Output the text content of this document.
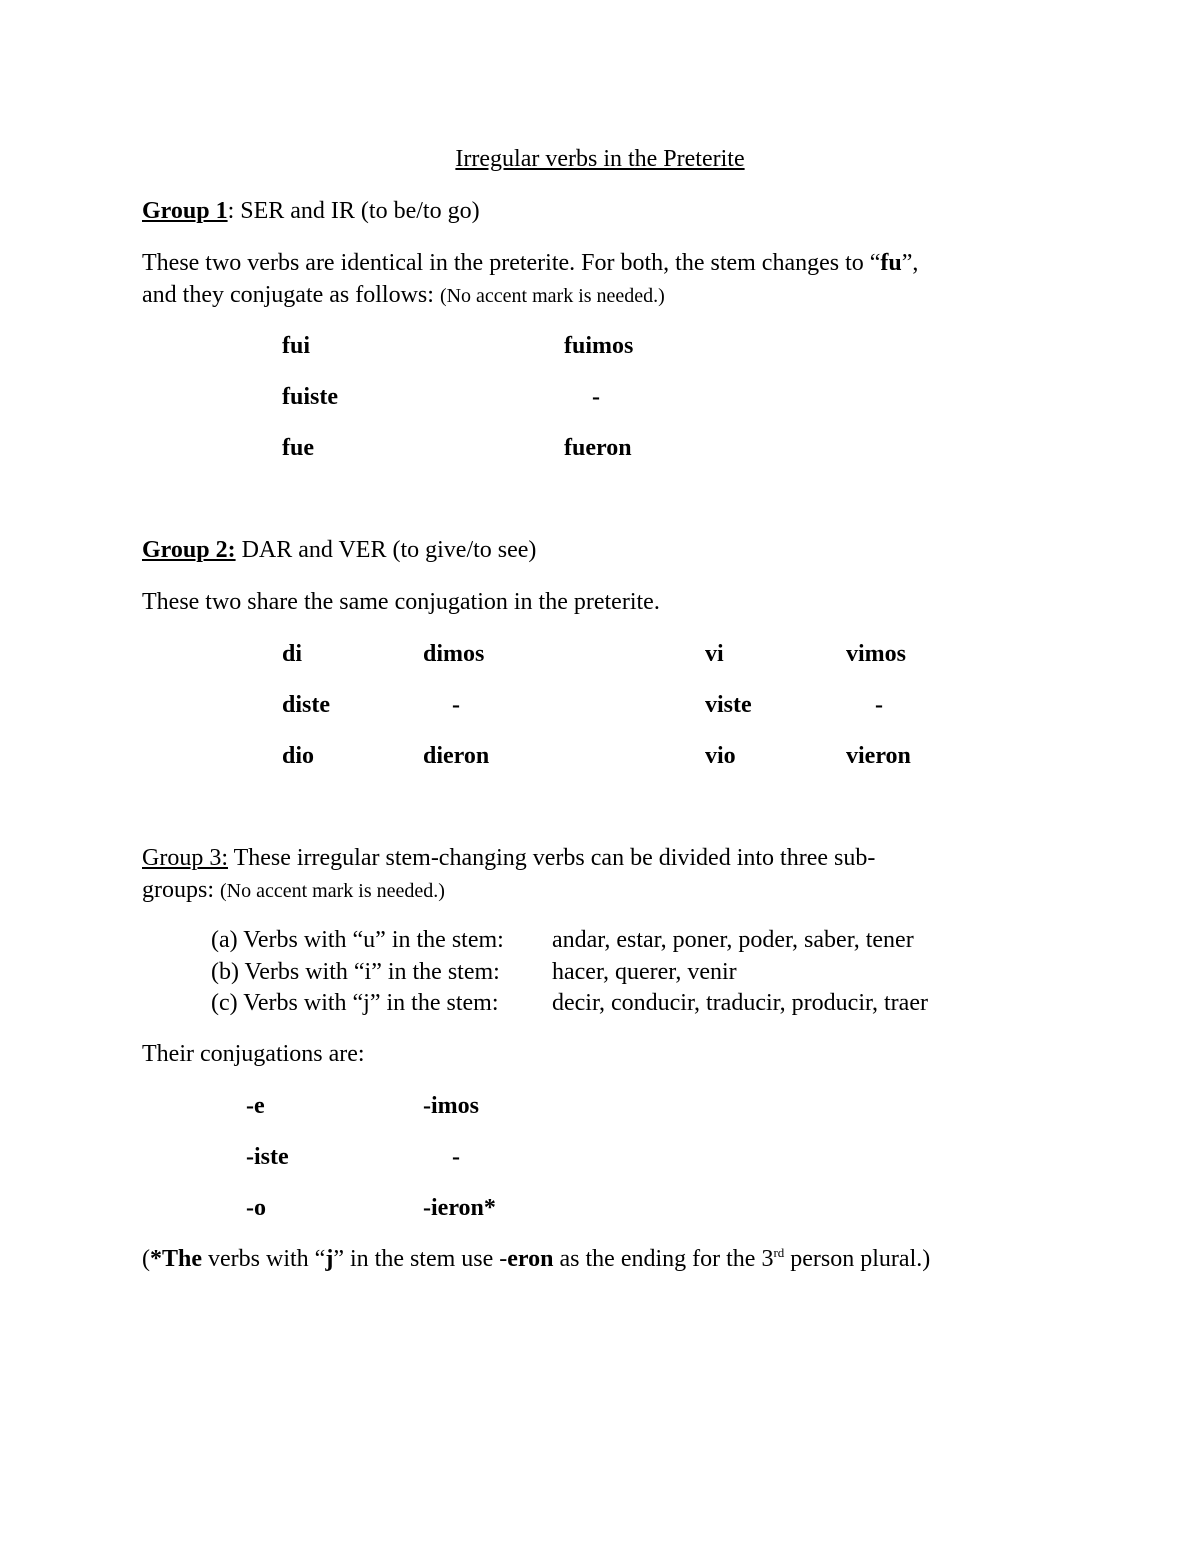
Irregular verbs in the Preterite
Group 1: SER and IR (to be/to go)
These two verbs are identical in the preterite. For both, the stem changes to “fu”,
and they conjugate as follows: (No accent mark is needed.)
fui
fuiste
fue
fuimos
-
fueron
Group 2: DAR and VER (to give/to see)
These two share the same conjugation in the preterite.
di
diste
dio
dimos
-
dieron
vi
viste
vio
vimos
-
vieron
Group 3: These irregular stem-changing verbs can be divided into three sub-
groups: (No accent mark is needed.)
(a) Verbs with “u” in the stem: andar, estar, poner, poder, saber, tener
(b) Verbs with “i” in the stem: hacer, querer, venir
(c) Verbs with “j” in the stem: decir, conducir, traducir, producir, traer
Their conjugations are:
-e
-iste
-o
-imos
-
-ieron*
(*The verbs with “j” in the stem use -eron as the ending for the 3rd person plural.)
